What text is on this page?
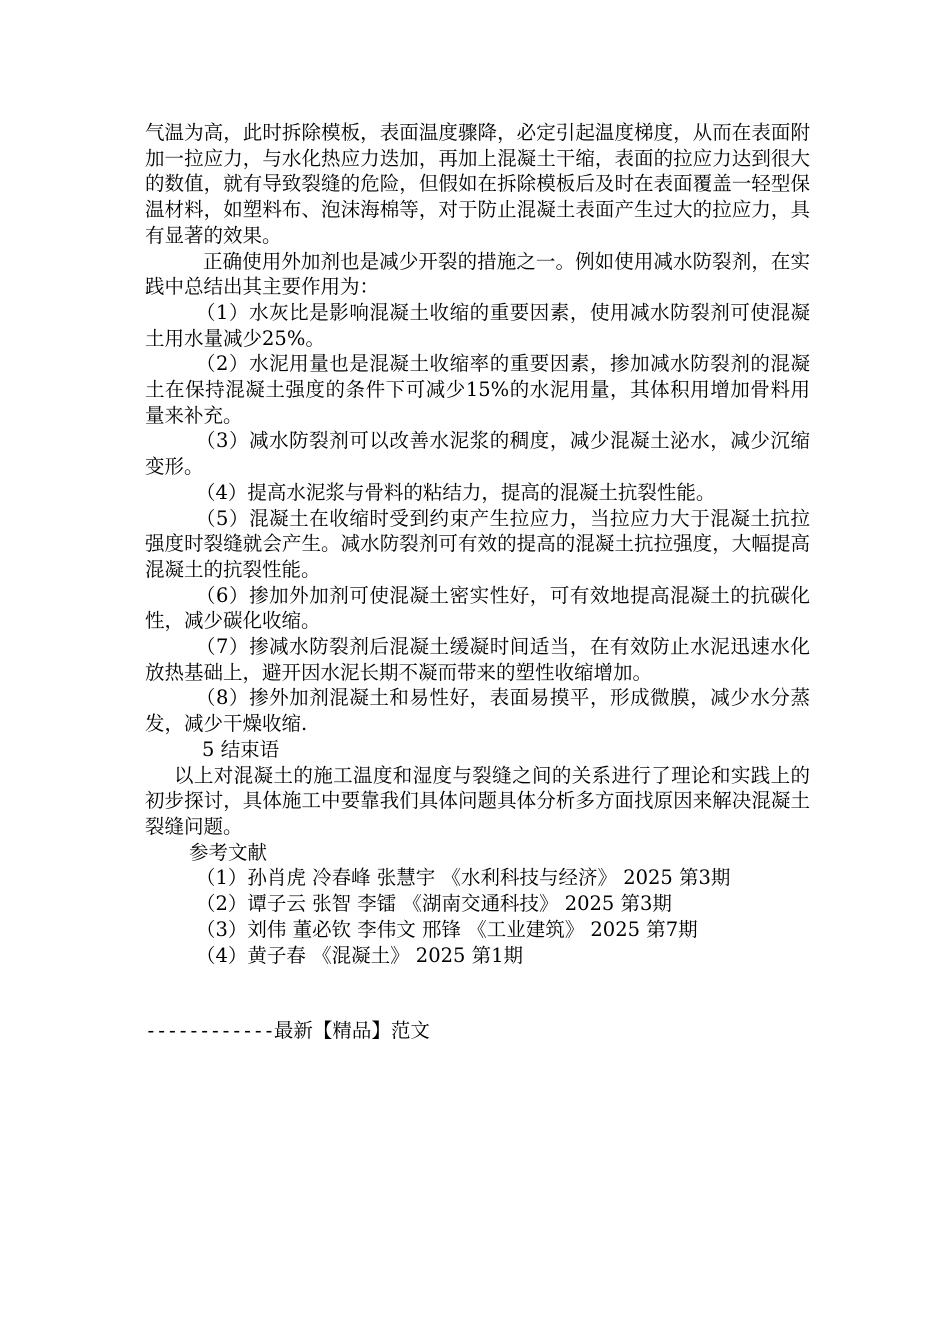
气温为高，此时拆除模板，表面温度骤降，必定引起温度梯度，从而在表面附加一拉应力，与水化热应力迭加，再加上混凝土干缩，表面的拉应力达到很大的数值，就有导致裂缝的危险，但假如在拆除模板后及时在表面覆盖一轻型保温材料，如塑料布、泡沫海棉等，对于防止混凝土表面产生过大的拉应力，具有显著的效果。

正确使用外加剂也是减少开裂的措施之一。例如使用减水防裂剂，在实践中总结出其主要作用为：

（1）水灰比是影响混凝土收缩的重要因素，使用减水防裂剂可使混凝土用水量减少25%。

（2）水泥用量也是混凝土收缩率的重要因素，掺加减水防裂剂的混凝土在保持混凝土强度的条件下可减少15%的水泥用量，其体积用增加骨料用量来补充。

（3）减水防裂剂可以改善水泥浆的稠度，减少混凝土泌水，减少沉缩变形。

（4）提高水泥浆与骨料的粘结力，提高的混凝土抗裂性能。

（5）混凝土在收缩时受到约束产生拉应力，当拉应力大于混凝土抗拉强度时裂缝就会产生。减水防裂剂可有效的提高的混凝土抗拉强度，大幅提高混凝土的抗裂性能。

（6）掺加外加剂可使混凝土密实性好，可有效地提高混凝土的抗碳化性，减少碳化收缩。

（7）掺减水防裂剂后混凝土缓凝时间适当，在有效防止水泥迅速水化放热基础上，避开因水泥长期不凝而带来的塑性收缩增加。

（8）掺外加剂混凝土和易性好，表面易摸平，形成微膜，减少水分蒸发，减少干燥收缩.

5 结束语

以上对混凝土的施工温度和湿度与裂缝之间的关系进行了理论和实践上的初步探讨，具体施工中要靠我们具体问题具体分析多方面找原因来解决混凝土裂缝问题。

参考文献

（1）孙肖虎 冷春峰 张慧宇 《水利科技与经济》 2025 第3期

（2）谭子云 张智 李镭 《湖南交通科技》 2025 第3期

（3）刘伟 董必钦 李伟文 邢锋 《工业建筑》 2025 第7期

（4）黄子春 《混凝土》 2025 第1期

------------最新【精品】范文
